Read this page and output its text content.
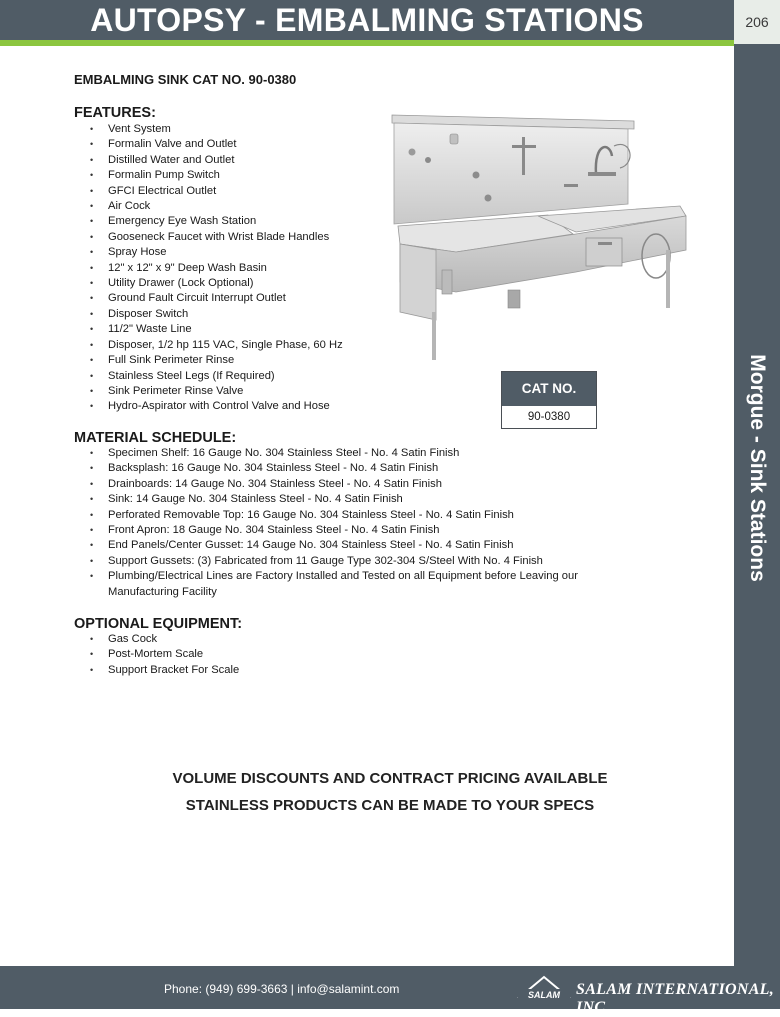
AUTOPSY - EMBALMING STATIONS	206
Morgue - Sink Stations
EMBALMING SINK CAT NO. 90-0380
FEATURES:
• Vent System
• Formalin Valve and Outlet
• Distilled Water and Outlet
• Formalin Pump Switch
• GFCI Electrical Outlet
• Air Cock
• Emergency Eye Wash Station
• Gooseneck Faucet with Wrist Blade Handles
• Spray Hose
• 12" x 12" x 9" Deep Wash Basin
• Utility Drawer (Lock Optional)
• Ground Fault Circuit Interrupt Outlet
• Disposer Switch
• 11/2" Waste Line
• Disposer, 1/2 hp 115 VAC, Single Phase, 60 Hz
• Full Sink Perimeter Rinse
• Stainless Steel Legs (If Required)
• Sink Perimeter Rinse Valve
• Hydro-Aspirator with Control Valve and Hose
CAT NO.
90-0380
MATERIAL SCHEDULE:
• Specimen Shelf: 16 Gauge No. 304 Stainless Steel - No. 4 Satin Finish
• Backsplash: 16 Gauge No. 304 Stainless Steel - No. 4 Satin Finish
• Drainboards: 14 Gauge No. 304 Stainless Steel - No. 4 Satin Finish
• Sink: 14 Gauge No. 304 Stainless Steel - No. 4 Satin Finish
• Perforated Removable Top: 16 Gauge No. 304 Stainless Steel - No. 4 Satin Finish
• Front Apron: 18 Gauge No. 304 Stainless Steel - No. 4 Satin Finish
• End Panels/Center Gusset: 14 Gauge No. 304 Stainless Steel - No. 4 Satin Finish
• Support Gussets: (3) Fabricated from 11 Gauge Type 302-304 S/Steel With No. 4 Finish
• Plumbing/Electrical Lines are Factory Installed and Tested on all Equipment before Leaving our Manufacturing Facility
OPTIONAL EQUIPMENT:
• Gas Cock
• Post-Mortem Scale
• Support Bracket For Scale
VOLUME DISCOUNTS AND CONTRACT PRICING AVAILABLE
STAINLESS PRODUCTS CAN BE MADE TO YOUR SPECS
Phone: (949) 699-3663 | info@salamint.com	SALAM SALAM INTERNATIONAL, INC.
